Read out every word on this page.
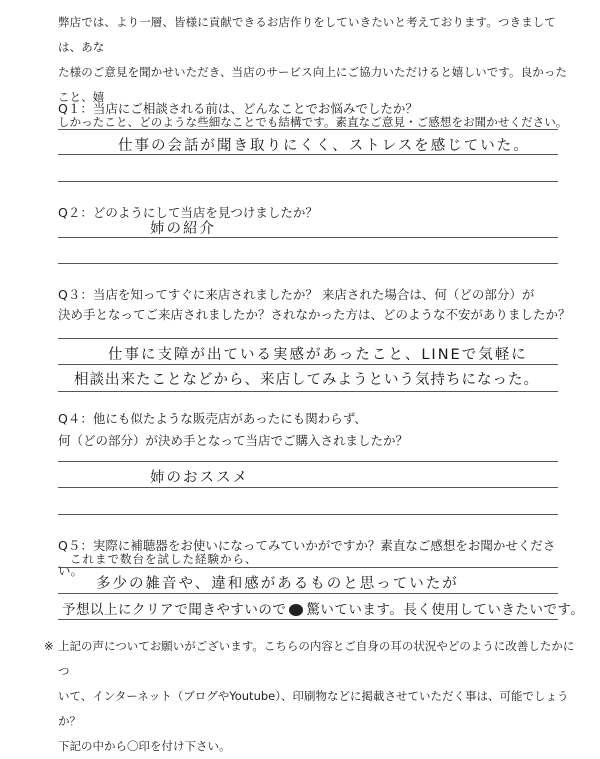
弊店では、より一層、皆様に貢献できるお店作りをしていきたいと考えております。つきましては、あな
た様のご意見を聞かせいただき、当店のサービス向上にご協力いただけると嬉しいです。良かったこと、嬉
しかったこと、どのような些細なことでも結構です。素直なご意見・ご感想をお聞かせください。
Q１：当店にご相談される前は、どんなことでお悩みでしたか？
仕事の会話が聞き取りにくく、ストレスを感じていた。
Q２：どのようにして当店を見つけましたか？
姉の紹介
Q３：当店を知ってすぐに来店されましたか？ 来店された場合は、何（どの部分）が
決め手となってご来店されましたか？されなかった方は、どのような不安がありましたか？
仕事に支障が出ている実感があったこと、LINEで気軽に
相談出来たことなどから、来店してみようという気持ちになった。
Q４：他にも似たような販売店があったにも関わらず、
何（どの部分）が決め手となって当店でご購入されましたか？
姉のおススメ
Q５：実際に補聴器をお使いになってみていかがですか？素直なご感想をお聞かせください。
これまで数台を試した経験から、
多少の雑音や、違和感があるものと思っていたが
予想以上にクリアで聞きやすいので 驚いています。長く使用していきたいです。
※ 上記の声についてお願いがございます。こちらの内容とご自身の耳の状況やどのように改善したかにつ
いて、インターネット（ブログやYoutube）、印刷物などに掲載させていただく事は、可能でしょうか？
下記の中から〇印を付け下さい。
